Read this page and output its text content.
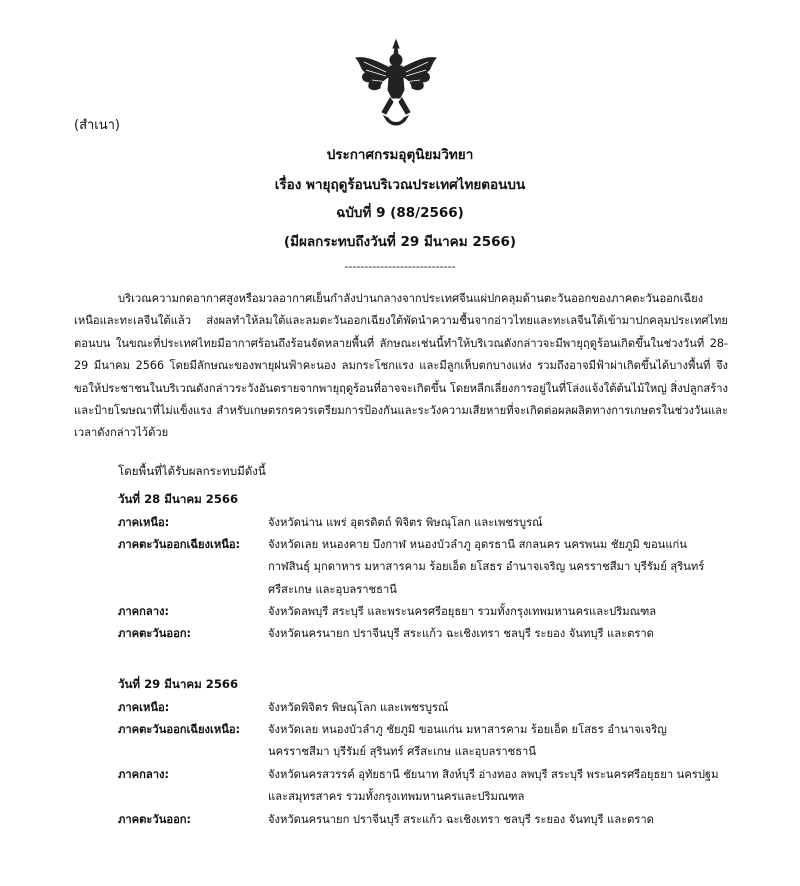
(สำเนา)
ประกาศกรมอุตุนิยมวิทยา
เรื่อง พายุฤดูร้อนบริเวณประเทศไทยตอนบน
ฉบับที่ 9 (88/2566)
(มีผลกระทบถึงวันที่ 29 มีนาคม 2566)
----------------------------
บริเวณความกดอากาศสูงหรือมวลอากาศเย็นกำลังปานกลางจากประเทศจีนแผ่ปกคลุมด้านตะวันออกของภาคตะวันออกเฉียงเหนือและทะเลจีนใต้แล้ว ส่งผลทำให้ลมใต้และลมตะวันออกเฉียงใต้พัดนำความชื้นจากอ่าวไทยและทะเลจีนใต้เข้ามาปกคลุมประเทศไทยตอนบน ในขณะที่ประเทศไทยมีอากาศร้อนถึงร้อนจัดหลายพื้นที่ ลักษณะเช่นนี้ทำให้บริเวณดังกล่าวจะมีพายุฤดูร้อนเกิดขึ้นในช่วงวันที่ 28-29 มีนาคม 2566 โดยมีลักษณะของพายุฝนฟ้าคะนอง ลมกระโชกแรง และมีลูกเห็บตกบางแห่ง รวมถึงอาจมีฟ้าผ่าเกิดขึ้นได้บางพื้นที่ จึงขอให้ประชาชนในบริเวณดังกล่าวระวังอันตรายจากพายุฤดูร้อนที่อาจจะเกิดขึ้น โดยหลีกเลี่ยงการอยู่ในที่โล่งแจ้งใต้ต้นไม้ใหญ่ สิ่งปลูกสร้างและป้ายโฆษณาที่ไม่แข็งแรง สำหรับเกษตรกรควรเตรียมการป้องกันและระวังความเสียหายที่จะเกิดต่อผลผลิตทางการเกษตรในช่วงวันและเวลาดังกล่าวไว้ด้วย
โดยพื้นที่ได้รับผลกระทบมีดังนี้
วันที่ 28 มีนาคม 2566
ภาคเหนือ:	จังหวัดน่าน แพร่ อุตรดิตถ์ พิจิตร พิษณุโลก และเพชรบูรณ์
ภาคตะวันออกเฉียงเหนือ:	จังหวัดเลย หนองคาย บึงกาฬ หนองบัวลำภู อุดรธานี สกลนคร นครพนม ชัยภูมิ ขอนแก่น กาฬสินธุ์ มุกดาหาร มหาสารคาม ร้อยเอ็ด ยโสธร อำนาจเจริญ นครราชสีมา บุรีรัมย์ สุรินทร์ ศรีสะเกษ และอุบลราชธานี
ภาคกลาง:	จังหวัดลพบุรี สระบุรี และพระนครศรีอยุธยา รวมทั้งกรุงเทพมหานครและปริมณฑล
ภาคตะวันออก:	จังหวัดนครนายก ปราจีนบุรี สระแก้ว ฉะเชิงเทรา ชลบุรี ระยอง จันทบุรี และตราด
วันที่ 29 มีนาคม 2566
ภาคเหนือ:	จังหวัดพิจิตร พิษณุโลก และเพชรบูรณ์
ภาคตะวันออกเฉียงเหนือ:	จังหวัดเลย หนองบัวลำภู ชัยภูมิ ขอนแก่น มหาสารคาม ร้อยเอ็ด ยโสธร อำนาจเจริญ นครราชสีมา บุรีรัมย์ สุรินทร์ ศรีสะเกษ และอุบลราชธานี
ภาคกลาง:	จังหวัดนครสวรรค์ อุทัยธานี ชัยนาท สิงห์บุรี อ่างทอง ลพบุรี สระบุรี พระนครศรีอยุธยา นครปฐม และสมุทรสาคร รวมทั้งกรุงเทพมหานครและปริมณฑล
ภาคตะวันออก:	จังหวัดนครนายก ปราจีนบุรี สระแก้ว ฉะเชิงเทรา ชลบุรี ระยอง จันทบุรี และตราด
